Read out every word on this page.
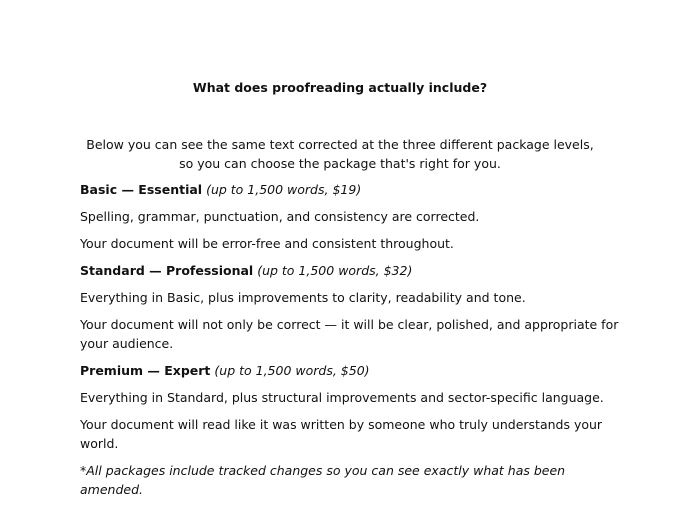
What does proofreading actually include?

Below you can see the same text corrected at the three different package levels, so you can choose the package that's right for you.

Basic — Essential (up to 1,500 words, $19)

Spelling, grammar, punctuation, and consistency are corrected.

Your document will be error-free and consistent throughout.

Standard — Professional (up to 1,500 words, $32)

Everything in Basic, plus improvements to clarity, readability and tone.

Your document will not only be correct — it will be clear, polished, and appropriate for your audience.

Premium — Expert (up to 1,500 words, $50)

Everything in Standard, plus structural improvements and sector-specific language.

Your document will read like it was written by someone who truly understands your world.

*All packages include tracked changes so you can see exactly what has been amended.
